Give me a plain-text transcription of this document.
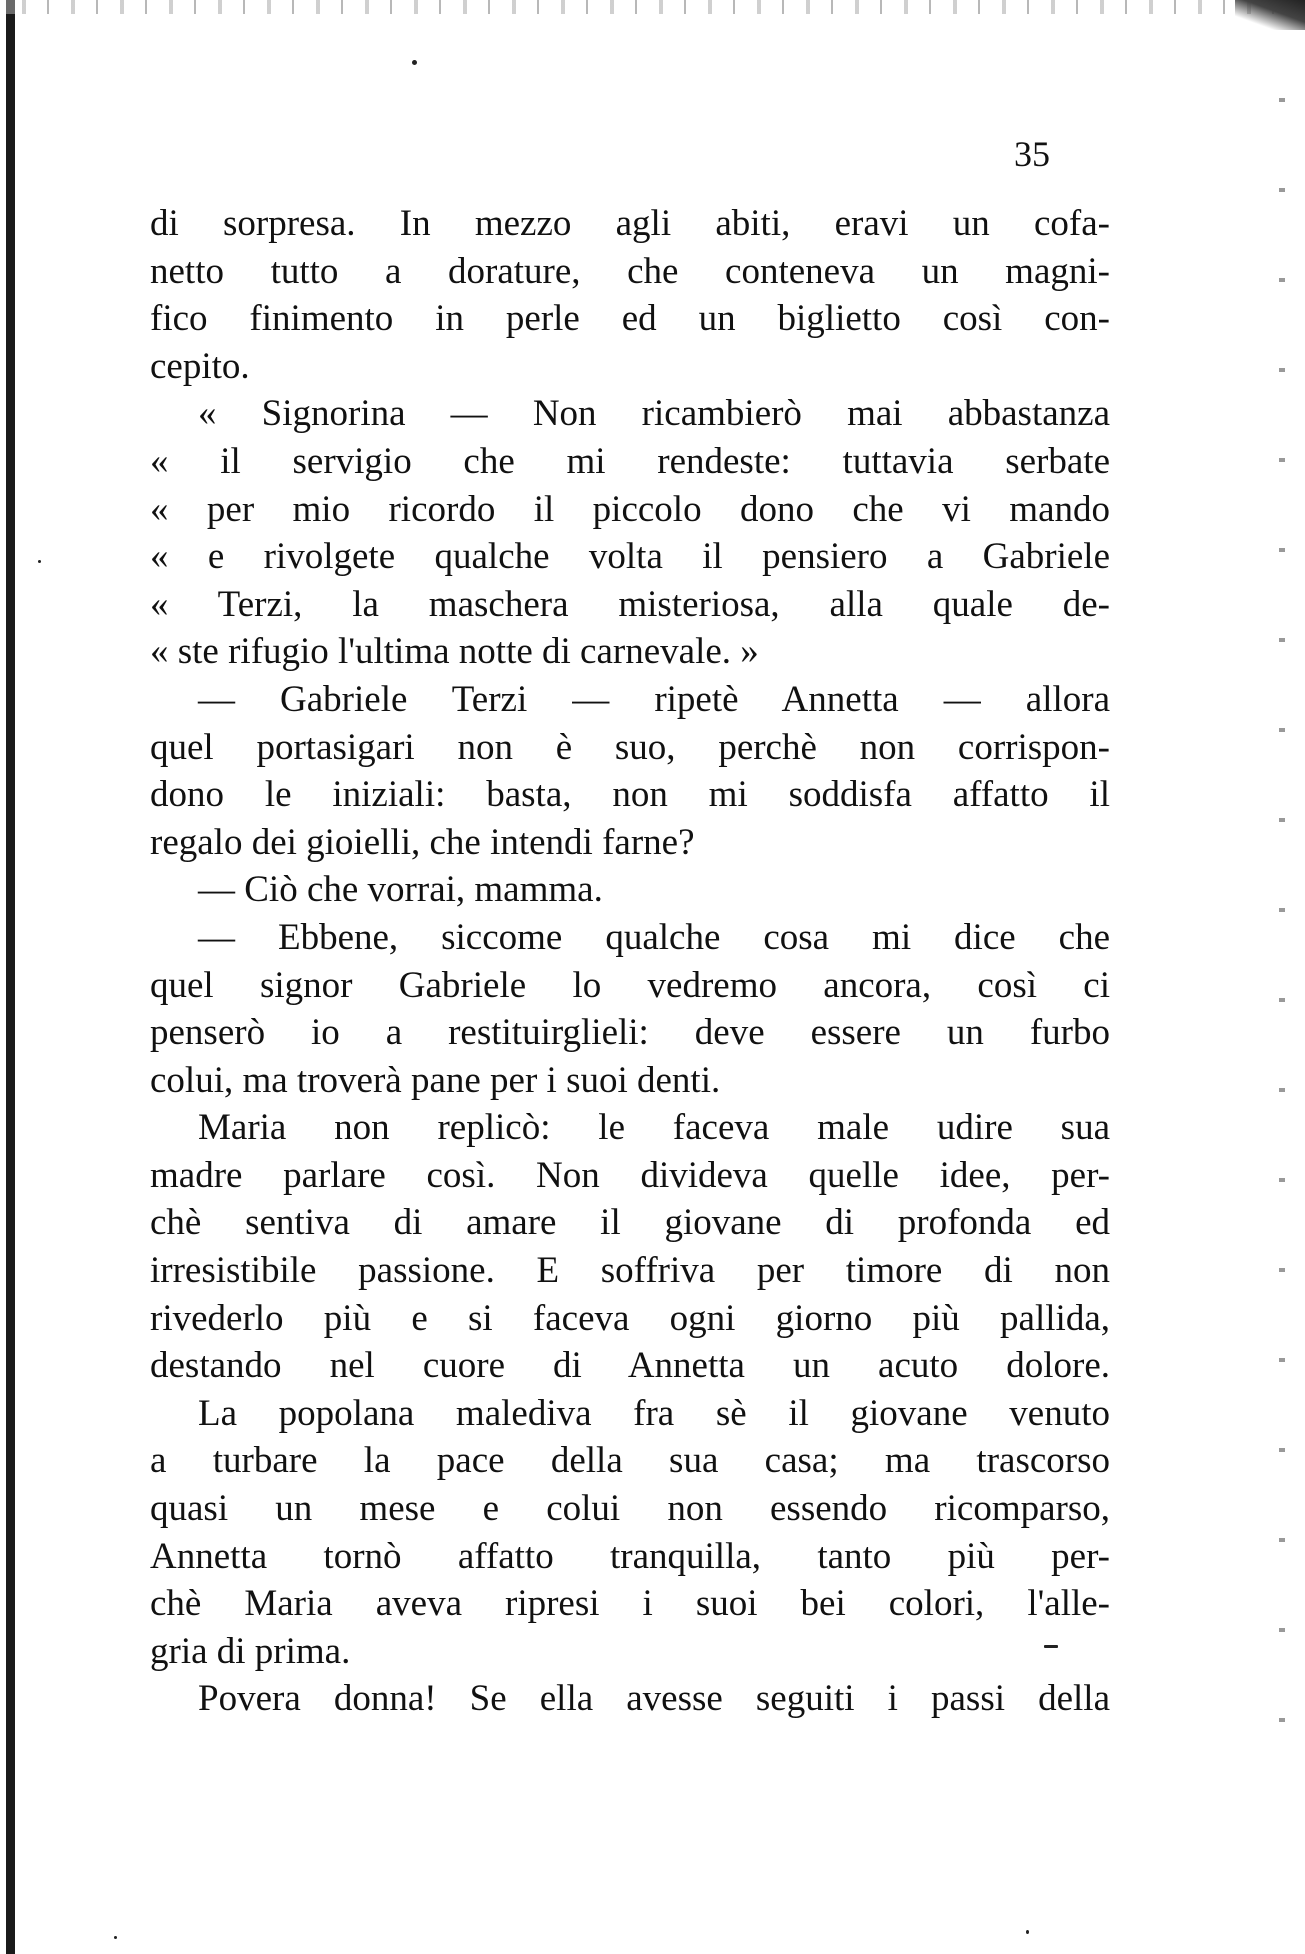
35
di sorpresa. In mezzo agli abiti, eravi un cofa-
netto tutto a dorature, che conteneva un magni-
fico finimento in perle ed un biglietto così con-
cepito.
« Signorina — Non ricambierò mai abbastanza
« il servigio che mi rendeste: tuttavia serbate
« per mio ricordo il piccolo dono che vi mando
« e rivolgete qualche volta il pensiero a Gabriele
« Terzi, la maschera misteriosa, alla quale de-
« ste rifugio l'ultima notte di carnevale. »
— Gabriele Terzi — ripetè Annetta — allora
quel portasigari non è suo, perchè non corrispon-
dono le iniziali: basta, non mi soddisfa affatto il
regalo dei gioielli, che intendi farne?
— Ciò che vorrai, mamma.
— Ebbene, siccome qualche cosa mi dice che
quel signor Gabriele lo vedremo ancora, così ci
penserò io a restituirglieli: deve essere un furbo
colui, ma troverà pane per i suoi denti.
Maria non replicò: le faceva male udire sua
madre parlare così. Non divideva quelle idee, per-
chè sentiva di amare il giovane di profonda ed
irresistibile passione. E soffriva per timore di non
rivederlo più e si faceva ogni giorno più pallida,
destando nel cuore di Annetta un acuto dolore.
La popolana malediva fra sè il giovane venuto
a turbare la pace della sua casa; ma trascorso
quasi un mese e colui non essendo ricomparso,
Annetta tornò affatto tranquilla, tanto più per-
chè Maria aveva ripresi i suoi bei colori, l'alle-
gria di prima.
Povera donna! Se ella avesse seguiti i passi della
